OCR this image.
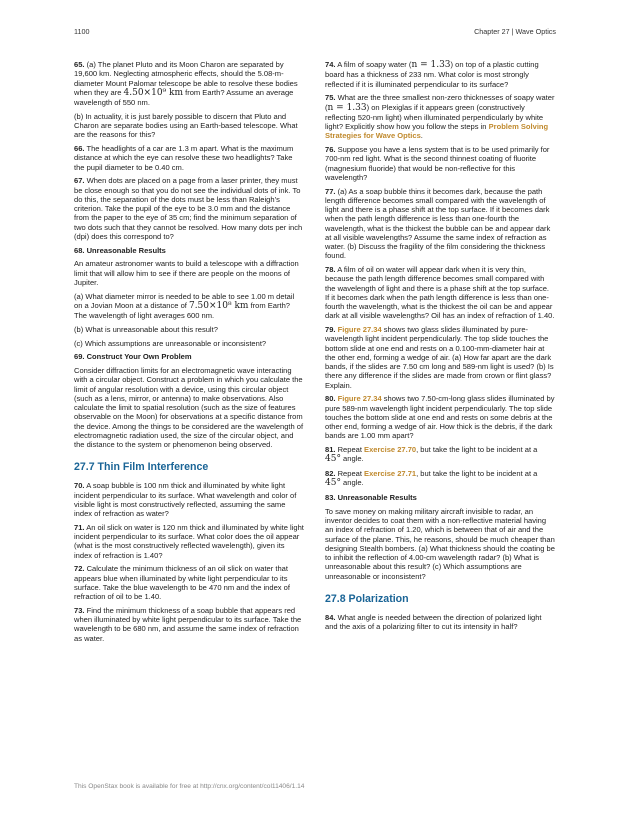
1100	Chapter 27 | Wave Optics

65. (a) The planet Pluto and its Moon Charon are separated by 19,600 km. Neglecting atmospheric effects, should the 5.08-m-diameter Mount Palomar telescope be able to resolve these bodies when they are 4.50×10⁹ km from Earth? Assume an average wavelength of 550 nm.

(b) In actuality, it is just barely possible to discern that Pluto and Charon are separate bodies using an Earth-based telescope. What are the reasons for this?

66. The headlights of a car are 1.3 m apart. What is the maximum distance at which the eye can resolve these two headlights? Take the pupil diameter to be 0.40 cm.

67. When dots are placed on a page from a laser printer, they must be close enough so that you do not see the individual dots of ink. To do this, the separation of the dots must be less than Raleigh’s criterion. Take the pupil of the eye to be 3.0 mm and the distance from the paper to the eye of 35 cm; find the minimum separation of two dots such that they cannot be resolved. How many dots per inch (dpi) does this correspond to?

68. Unreasonable Results

An amateur astronomer wants to build a telescope with a diffraction limit that will allow him to see if there are people on the moons of Jupiter.

(a) What diameter mirror is needed to be able to see 1.00 m detail on a Jovian Moon at a distance of 7.50×10⁸ km from Earth? The wavelength of light averages 600 nm.

(b) What is unreasonable about this result?

(c) Which assumptions are unreasonable or inconsistent?

69. Construct Your Own Problem

Consider diffraction limits for an electromagnetic wave interacting with a circular object. Construct a problem in which you calculate the limit of angular resolution with a device, using this circular object (such as a lens, mirror, or antenna) to make observations. Also calculate the limit to spatial resolution (such as the size of features observable on the Moon) for observations at a specific distance from the device. Among the things to be considered are the wavelength of electromagnetic radiation used, the size of the circular object, and the distance to the system or phenomenon being observed.

27.7 Thin Film Interference

70. A soap bubble is 100 nm thick and illuminated by white light incident perpendicular to its surface. What wavelength and color of visible light is most constructively reflected, assuming the same index of refraction as water?

71. An oil slick on water is 120 nm thick and illuminated by white light incident perpendicular to its surface. What color does the oil appear (what is the most constructively reflected wavelength), given its index of refraction is 1.40?

72. Calculate the minimum thickness of an oil slick on water that appears blue when illuminated by white light perpendicular to its surface. Take the blue wavelength to be 470 nm and the index of refraction of oil to be 1.40.

73. Find the minimum thickness of a soap bubble that appears red when illuminated by white light perpendicular to its surface. Take the wavelength to be 680 nm, and assume the same index of refraction as water.

74. A film of soapy water (n = 1.33) on top of a plastic cutting board has a thickness of 233 nm. What color is most strongly reflected if it is illuminated perpendicular to its surface?

75. What are the three smallest non-zero thicknesses of soapy water (n = 1.33) on Plexiglas if it appears green (constructively reflecting 520-nm light) when illuminated perpendicularly by white light? Explicitly show how you follow the steps in Problem Solving Strategies for Wave Optics.

76. Suppose you have a lens system that is to be used primarily for 700-nm red light. What is the second thinnest coating of fluorite (magnesium fluoride) that would be non-reflective for this wavelength?

77. (a) As a soap bubble thins it becomes dark, because the path length difference becomes small compared with the wavelength of light and there is a phase shift at the top surface. If it becomes dark when the path length difference is less than one-fourth the wavelength, what is the thickest the bubble can be and appear dark at all visible wavelengths? Assume the same index of refraction as water. (b) Discuss the fragility of the film considering the thickness found.

78. A film of oil on water will appear dark when it is very thin, because the path length difference becomes small compared with the wavelength of light and there is a phase shift at the top surface. If it becomes dark when the path length difference is less than one-fourth the wavelength, what is the thickest the oil can be and appear dark at all visible wavelengths? Oil has an index of refraction of 1.40.

79. Figure 27.34 shows two glass slides illuminated by pure-wavelength light incident perpendicularly. The top slide touches the bottom slide at one end and rests on a 0.100-mm-diameter hair at the other end, forming a wedge of air. (a) How far apart are the dark bands, if the slides are 7.50 cm long and 589-nm light is used? (b) Is there any difference if the slides are made from crown or flint glass? Explain.

80. Figure 27.34 shows two 7.50-cm-long glass slides illuminated by pure 589-nm wavelength light incident perpendicularly. The top slide touches the bottom slide at one end and rests on some debris at the other end, forming a wedge of air. How thick is the debris, if the dark bands are 1.00 mm apart?

81. Repeat Exercise 27.70, but take the light to be incident at a 45° angle.

82. Repeat Exercise 27.71, but take the light to be incident at a 45° angle.

83. Unreasonable Results

To save money on making military aircraft invisible to radar, an inventor decides to coat them with a non-reflective material having an index of refraction of 1.20, which is between that of air and the surface of the plane. This, he reasons, should be much cheaper than designing Stealth bombers. (a) What thickness should the coating be to inhibit the reflection of 4.00-cm wavelength radar? (b) What is unreasonable about this result? (c) Which assumptions are unreasonable or inconsistent?

27.8 Polarization

84. What angle is needed between the direction of polarized light and the axis of a polarizing filter to cut its intensity in half?

This OpenStax book is available for free at http://cnx.org/content/col11406/1.14
